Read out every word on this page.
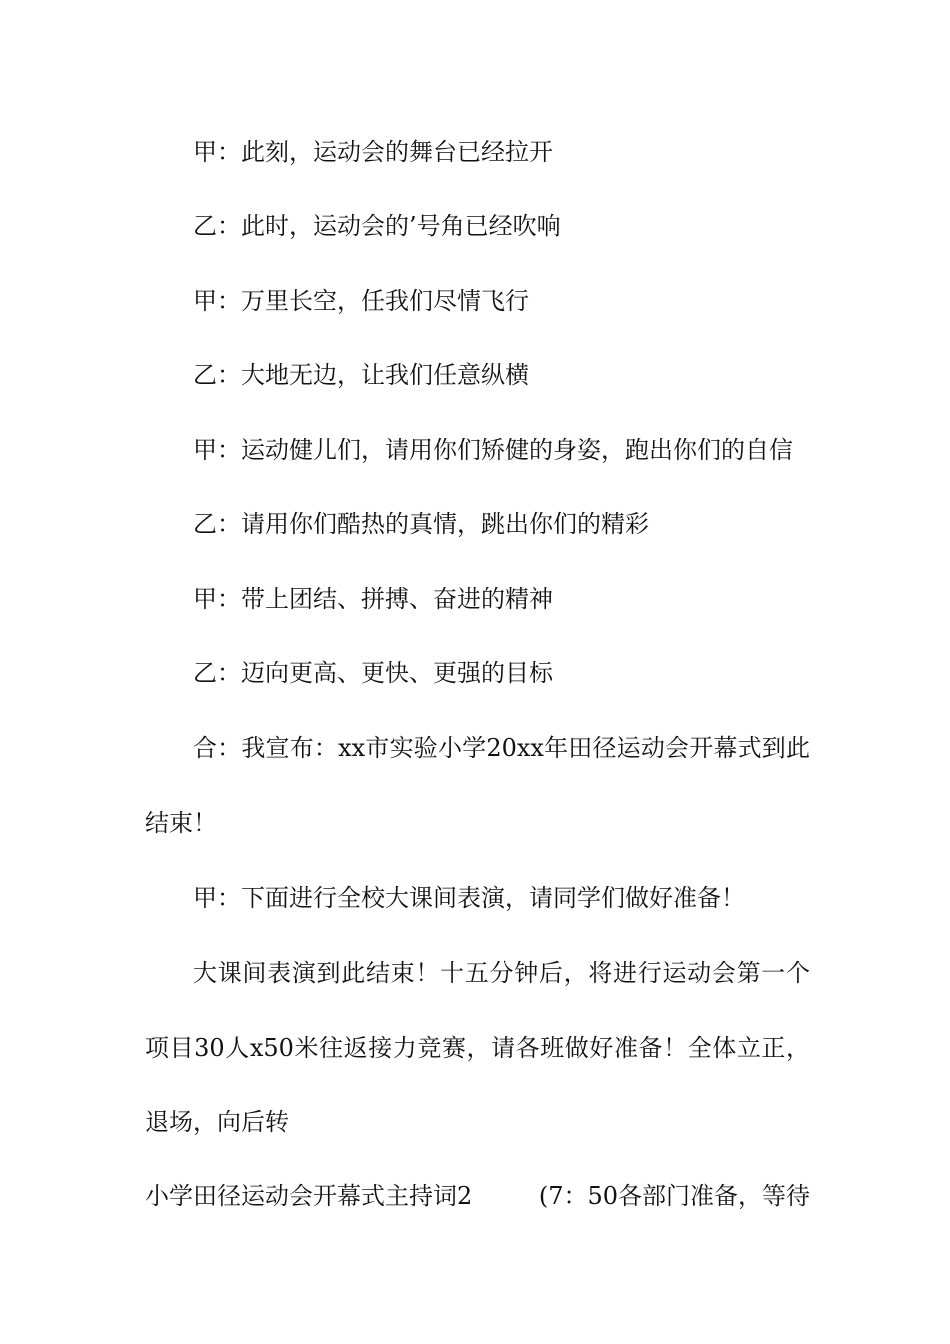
甲：此刻，运动会的舞台已经拉开
乙：此时，运动会的’号角已经吹响
甲：万里长空，任我们尽情飞行
乙：大地无边，让我们任意纵横
甲：运动健儿们，请用你们矫健的身姿，跑出你们的自信
乙：请用你们酷热的真情，跳出你们的精彩
甲：带上团结、拼搏、奋进的精神
乙：迈向更高、更快、更强的目标
合：我宣布：xx市实验小学20xx年田径运动会开幕式到此
结束！
甲：下面进行全校大课间表演，请同学们做好准备！
大课间表演到此结束！十五分钟后，将进行运动会第一个
项目30人x50米往返接力竞赛，请各班做好准备！全体立正，
退场，向后转
小学田径运动会开幕式主持词2	(7：50各部门准备，等待
